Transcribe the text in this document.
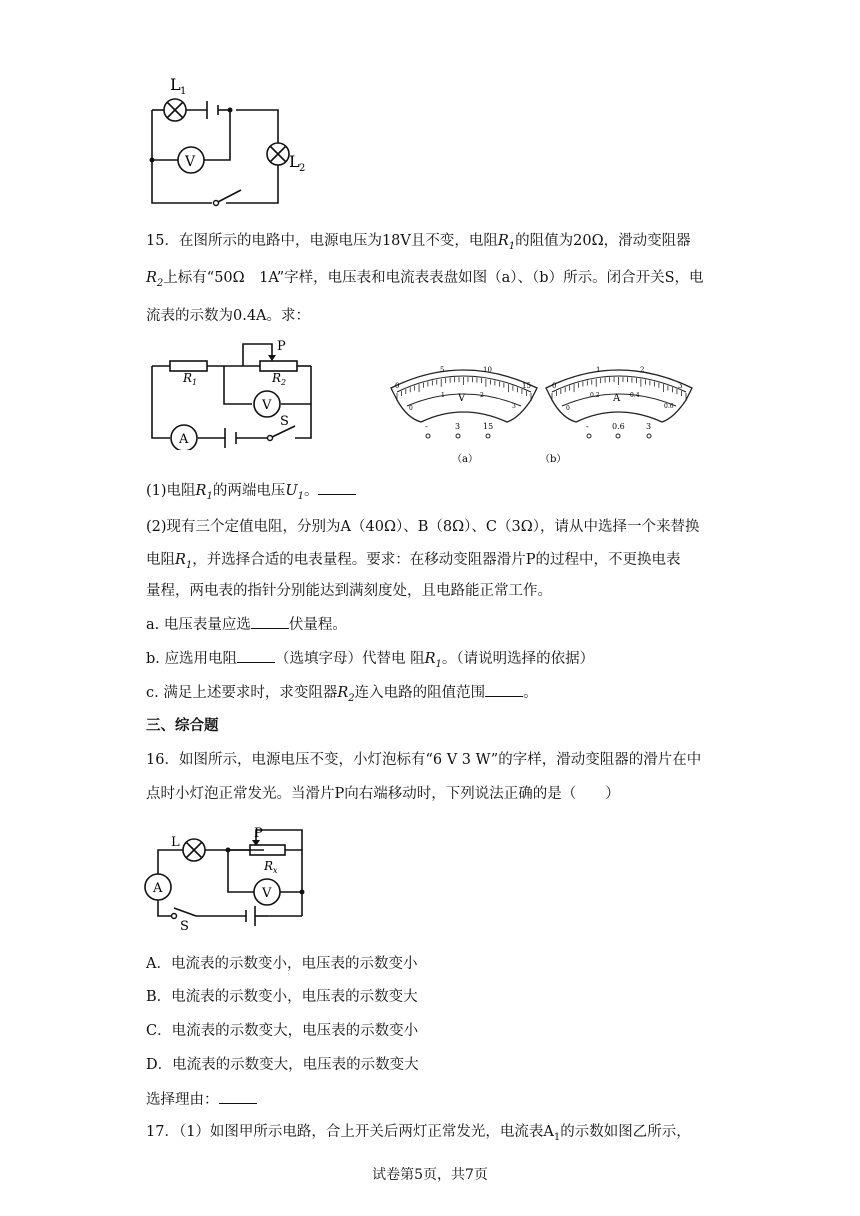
L 1
L 2
V
15．在图所示的电路中，电源电压为18V且不变，电阻$R_1$的阻值为20Ω，滑动变阻器
$R_2$上标有“50Ω　1A”字样，电压表和电流表表盘如图（a）、（b）所示。闭合开关S，电
流表的示数为0.4A。求：
R 1	R 2
P
V
A
S
0
5	10
15
0
1	2
3
V
-	3	15
（a）
0
1	2
3
0
0.2	0.4
0.6
A
-	0.6	3
（b）
(1)电阻$R_1$的两端电压$U_1$。
(2)现有三个定值电阻，分别为A（40Ω）、B（8Ω）、C（3Ω），请从中选择一个来替换
电阻$R_1$，并选择合适的电表量程。要求：在移动变阻器滑片P的过程中，不更换电表
量程，两电表的指针分别能达到满刻度处，且电路能正常工作。
a. 电压表量应选	伏量程。
b. 应选用电阻	（选填字母）代替电 阻$R_1$。（请说明选择的依据）
c. 满足上述要求时，求变阻器$R_2$连入电路的阻值范围	。
三、综合题
16．如图所示，电源电压不变，小灯泡标有“6 V 3 W”的字样，滑动变阻器的滑片在中
点时小灯泡正常发光。当滑片P向右端移动时，下列说法正确的是（　　）
L
P
R x
A	V
S
A．电流表的示数变小，电压表的示数变小
B．电流表的示数变小，电压表的示数变大
C．电流表的示数变大，电压表的示数变小
D．电流表的示数变大，电压表的示数变大
选择理由：
17．（1）如图甲所示电路，合上开关后两灯正常发光，电流表$A_1$的示数如图乙所示，
试卷第5页，共7页
